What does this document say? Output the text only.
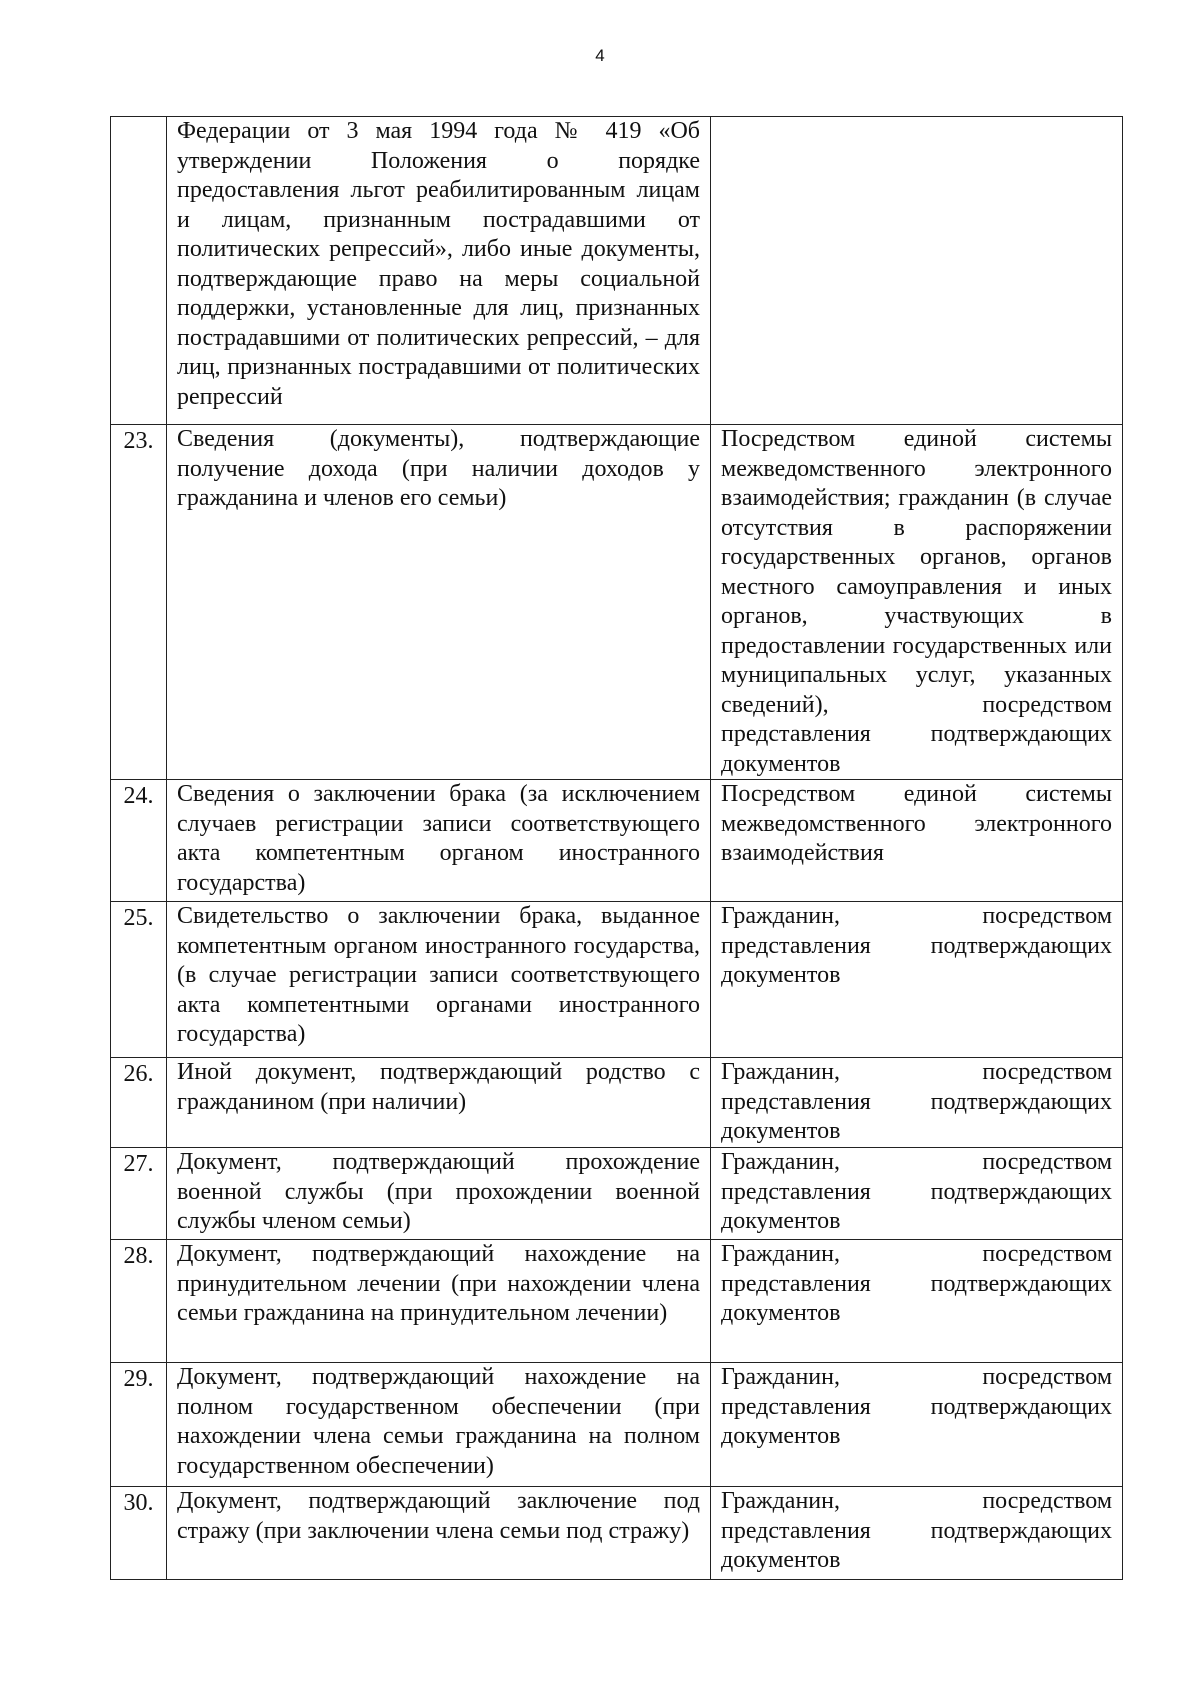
4
	Федерации от 3 мая 1994 года № 419 «Об утверждении Положения о порядке предоставления льгот реабилитированным лицам и лицам, признанным пострадавшими от политических репрессий», либо иные документы, подтверждающие право на меры социальной поддержки, установленные для лиц, признанных пострадавшими от политических репрессий, – для лиц, признанных пострадавшими от политических репрессий	
23.	Сведения (документы), подтверждающие получение дохода (при наличии доходов у гражданина и членов его семьи)	Посредством единой системы межведомственного электронного взаимодействия; гражданин (в случае отсутствия в распоряжении государственных органов, органов местного самоуправления и иных органов, участвующих в предоставлении государственных или муниципальных услуг, указанных сведений), посредством представления подтверждающих документов
24.	Сведения о заключении брака (за исключением случаев регистрации записи соответствующего акта компетентным органом иностранного государства)	Посредством единой системы межведомственного электронного взаимодействия
25.	Свидетельство о заключении брака, выданное компетентным органом иностранного государства, (в случае регистрации записи соответствующего акта компетентными органами иностранного государства)	Гражданин, посредством представления подтверждающих документов
26.	Иной документ, подтверждающий родство с гражданином (при наличии)	Гражданин, посредством представления подтверждающих документов
27.	Документ, подтверждающий прохождение военной службы (при прохождении военной службы членом семьи)	Гражданин, посредством представления подтверждающих документов
28.	Документ, подтверждающий нахождение на принудительном лечении (при нахождении члена семьи гражданина на принудительном лечении)	Гражданин, посредством представления подтверждающих документов
29.	Документ, подтверждающий нахождение на полном государственном обеспечении (при нахождении члена семьи гражданина на полном государственном обеспечении)	Гражданин, посредством представления подтверждающих документов
30.	Документ, подтверждающий заключение под стражу (при заключении члена семьи под стражу)	Гражданин, посредством представления подтверждающих документов
